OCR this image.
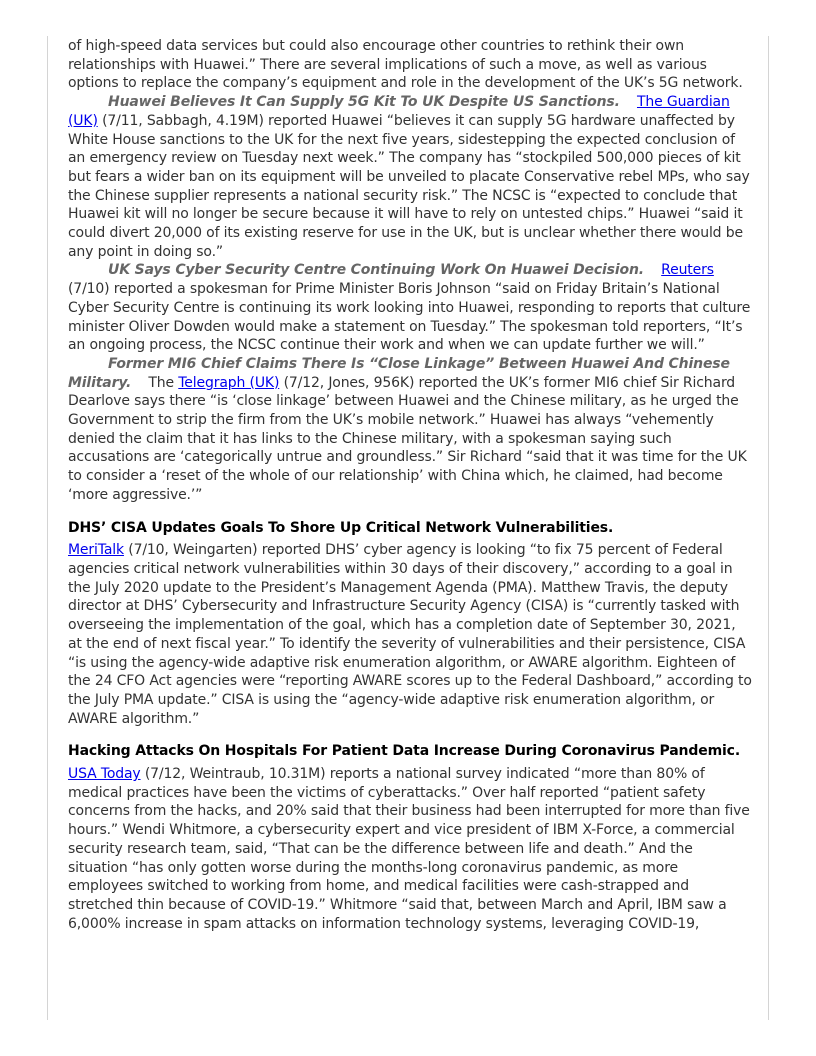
of high-speed data services but could also encourage other countries to rethink their own relationships with Huawei.” There are several implications of such a move, as well as various options to replace the company’s equipment and role in the development of the UK’s 5G network.

Huawei Believes It Can Supply 5G Kit To UK Despite US Sanctions. The Guardian (UK) (7/11, Sabbagh, 4.19M) reported Huawei “believes it can supply 5G hardware unaffected by White House sanctions to the UK for the next five years, sidestepping the expected conclusion of an emergency review on Tuesday next week.” The company has “stockpiled 500,000 pieces of kit but fears a wider ban on its equipment will be unveiled to placate Conservative rebel MPs, who say the Chinese supplier represents a national security risk.” The NCSC is “expected to conclude that Huawei kit will no longer be secure because it will have to rely on untested chips.” Huawei “said it could divert 20,000 of its existing reserve for use in the UK, but is unclear whether there would be any point in doing so.”

UK Says Cyber Security Centre Continuing Work On Huawei Decision. Reuters (7/10) reported a spokesman for Prime Minister Boris Johnson “said on Friday Britain’s National Cyber Security Centre is continuing its work looking into Huawei, responding to reports that culture minister Oliver Dowden would make a statement on Tuesday.” The spokesman told reporters, “It’s an ongoing process, the NCSC continue their work and when we can update further we will.”

Former MI6 Chief Claims There Is “Close Linkage” Between Huawei And Chinese Military. The Telegraph (UK) (7/12, Jones, 956K) reported the UK’s former MI6 chief Sir Richard Dearlove says there “is ‘close linkage’ between Huawei and the Chinese military, as he urged the Government to strip the firm from the UK’s mobile network.” Huawei has always “vehemently denied the claim that it has links to the Chinese military, with a spokesman saying such accusations are ‘categorically untrue and groundless.” Sir Richard “said that it was time for the UK to consider a ‘reset of the whole of our relationship’ with China which, he claimed, had become ‘more aggressive.’”

DHS’ CISA Updates Goals To Shore Up Critical Network Vulnerabilities.

MeriTalk (7/10, Weingarten) reported DHS’ cyber agency is looking “to fix 75 percent of Federal agencies critical network vulnerabilities within 30 days of their discovery,” according to a goal in the July 2020 update to the President’s Management Agenda (PMA). Matthew Travis, the deputy director at DHS’ Cybersecurity and Infrastructure Security Agency (CISA) is “currently tasked with overseeing the implementation of the goal, which has a completion date of September 30, 2021, at the end of next fiscal year.” To identify the severity of vulnerabilities and their persistence, CISA “is using the agency-wide adaptive risk enumeration algorithm, or AWARE algorithm. Eighteen of the 24 CFO Act agencies were “reporting AWARE scores up to the Federal Dashboard,” according to the July PMA update.” CISA is using the “agency-wide adaptive risk enumeration algorithm, or AWARE algorithm.”

Hacking Attacks On Hospitals For Patient Data Increase During Coronavirus Pandemic.

USA Today (7/12, Weintraub, 10.31M) reports a national survey indicated “more than 80% of medical practices have been the victims of cyberattacks.” Over half reported “patient safety concerns from the hacks, and 20% said that their business had been interrupted for more than five hours.” Wendi Whitmore, a cybersecurity expert and vice president of IBM X-Force, a commercial security research team, said, “That can be the difference between life and death.” And the situation “has only gotten worse during the months-long coronavirus pandemic, as more employees switched to working from home, and medical facilities were cash-strapped and stretched thin because of COVID-19.” Whitmore “said that, between March and April, IBM saw a 6,000% increase in spam attacks on information technology systems, leveraging COVID-19,
